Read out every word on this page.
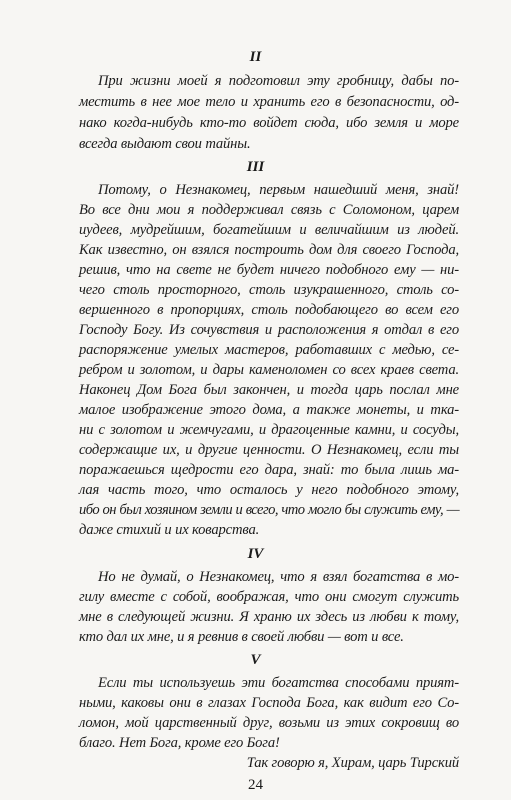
II
При жизни моей я подготовил эту гробницу, дабы по-
местить в нее мое тело и хранить его в безопасности, од-
нако когда-нибудь кто-то войдет сюда, ибо земля и море
всегда выдают свои тайны.
III
Потому, о Незнакомец, первым нашедший меня, знай!
Во все дни мои я поддерживал связь с Соломоном, царем
иудеев, мудрейшим, богатейшим и величайшим из людей.
Как известно, он взялся построить дом для своего Господа,
решив, что на свете не будет ничего подобного ему — ни-
чего столь просторного, столь изукрашенного, столь со-
вершенного в пропорциях, столь подобающего во всем его
Господу Богу. Из сочувствия и расположения я отдал в его
распоряжение умелых мастеров, работавших с медью, се-
ребром и золотом, и дары каменоломен со всех краев света.
Наконец Дом Бога был закончен, и тогда царь послал мне
малое изображение этого дома, а также монеты, и тка-
ни с золотом и жемчугами, и драгоценные камни, и сосуды,
содержащие их, и другие ценности. О Незнакомец, если ты
поражаешься щедрости его дара, знай: то была лишь ма-
лая часть того, что осталось у него подобного этому,
ибо он был хозяином земли и всего, что могло бы служить ему, —
даже стихий и их коварства.
IV
Но не думай, о Незнакомец, что я взял богатства в мо-
гилу вместе с собой, воображая, что они смогут служить
мне в следующей жизни. Я храню их здесь из любви к тому,
кто дал их мне, и я ревнив в своей любви — вот и все.
V
Если ты используешь эти богатства способами прият-
ными, каковы они в глазах Господа Бога, как видит его Со-
ломон, мой царственный друг, возьми из этих сокровищ во
благо. Нет Бога, кроме его Бога!
Так говорю я, Хирам, царь Тирский
24
